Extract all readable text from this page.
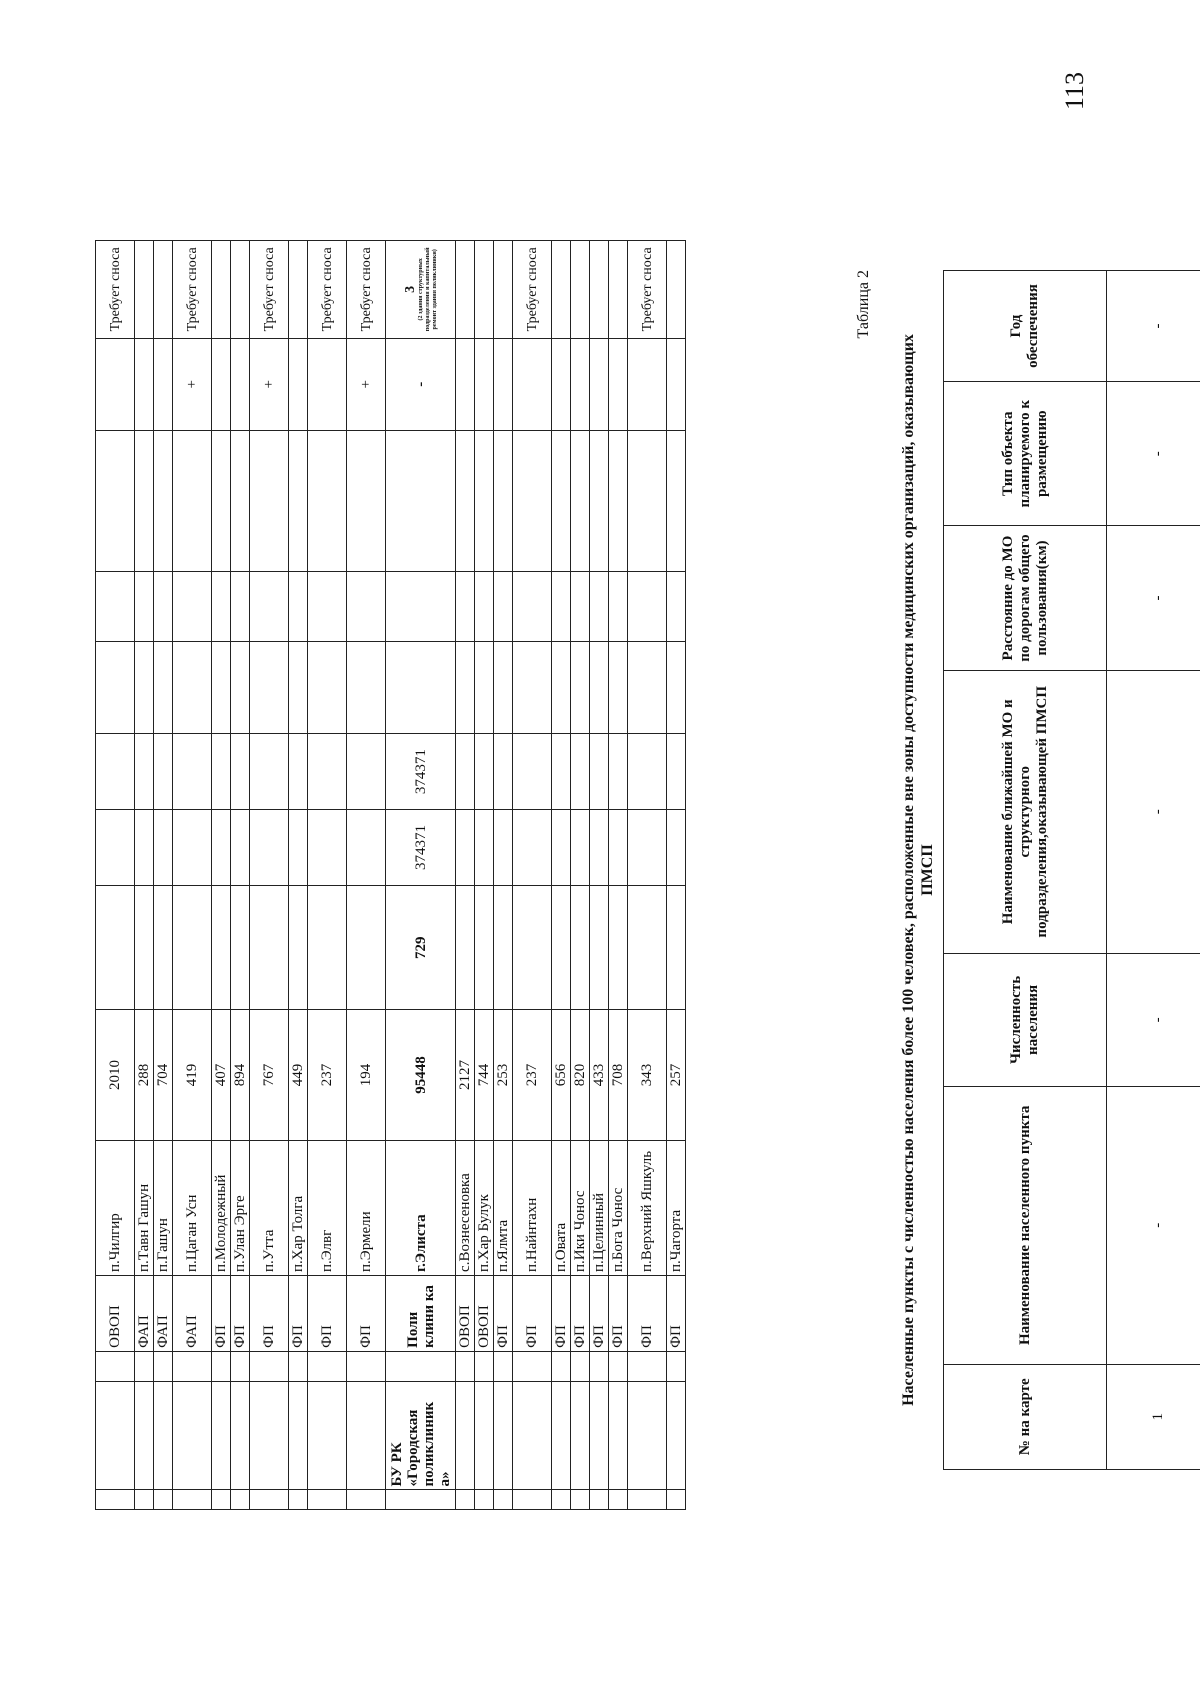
113
			ОВОП	п.Чилгир	2010								Требует сноса
			ФАП	п.Тавн Гашун	288								
			ФАП	п.Гашун	704								
			ФАП	п.Цаган Усн	419							+	Требует сноса
			ФП	п.Молодежный	407								
			ФП	п.Улан Эрге	894								
			ФП	п.Утта	767							+	Требует сноса
			ФП	п.Хар Толга	449								
			ФП	п.Элвг	237								Требует сноса
			ФП	п.Эрмели	194							+	Требует сноса
	БУ РК «Городская поликлиник а»		Поли клини ка	г.Элиста	95448	729	374371	374371				-	3 (2 здания структурных подразделения и капитальный ремонт здания поликлиники)

			ОВОП	с.Вознесеновка	2127								
			ОВОП	п.Хар Булук	744								
			ФП	п.Ялмта	253								
			ФП	п.Найнтахн	237								Требует сноса
			ФП	п.Овата	656								
			ФП	п.Ики Чонос	820								
			ФП	п.Целинный	433								
			ФП	п.Бога Чонос	708								
			ФП	п.Верхний Яшкуль	343								Требует сноса
			ФП	п.Чагорта	257								
Таблица 2
Населенные пункты с численностью населения более 100 человек, расположенные вне зоны доступности медицинских организаций, оказывающих ПМСП
№ на карте	Наименование населенного пункта	Численность населения	Наименование ближайшей МО и структурного подразделения,оказывающей ПМСП	Расстояние до МО по дорогам общего пользования(км)	Тип объекта планируемого к размещению	Год обеспечения
1	-	-	-	-	-	-
